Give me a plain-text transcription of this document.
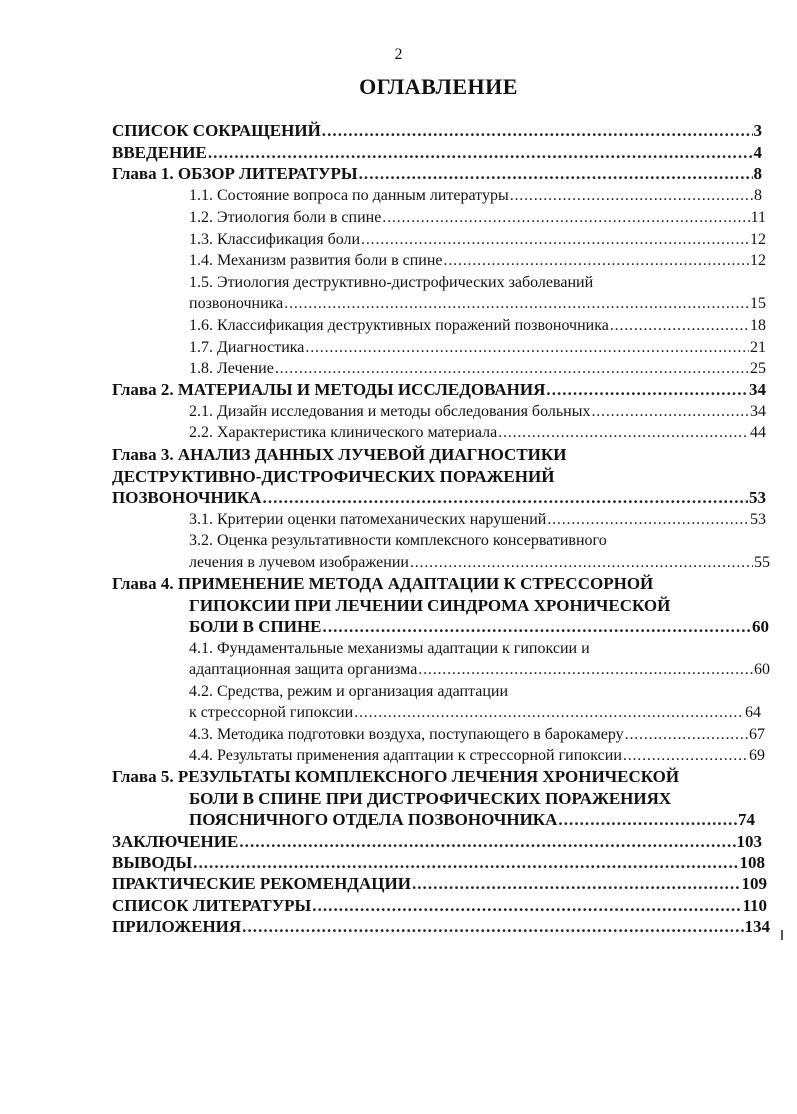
2
ОГЛАВЛЕНИЕ
СПИСОК СОКРАЩЕНИЙ . . .	3
ВВЕДЕНИЕ . . .	4
Глава 1. ОБЗОР ЛИТЕРАТУРЫ . . .	8
1.1. Состояние вопроса по данным литературы . . .	8
1.2. Этиология боли в спине . . .	11
1.3. Классификация боли . . .	12
1.4. Механизм развития боли в спине . . .	12
1.5. Этиология деструктивно-дистрофических заболеваний
позвоночника . . .	15
1.6. Классификация деструктивных поражений позвоночника . . .	18
1.7. Диагностика . . .	21
1.8. Лечение . . .	25
Глава 2. МАТЕРИАЛЫ И МЕТОДЫ ИССЛЕДОВАНИЯ . . .	34
2.1. Дизайн исследования и методы обследования больных . . .	34
2.2. Характеристика клинического материала . . .	44
Глава 3. АНАЛИЗ ДАННЫХ ЛУЧЕВОЙ ДИАГНОСТИКИ
ДЕСТРУКТИВНО-ДИСТРОФИЧЕСКИХ ПОРАЖЕНИЙ
ПОЗВОНОЧНИКА . . .	53
3.1. Критерии оценки патомеханических нарушений . . .	53
3.2. Оценка результативности комплексного консервативного
лечения в лучевом изображении . . .	55
Глава 4. ПРИМЕНЕНИЕ МЕТОДА АДАПТАЦИИ К СТРЕССОРНОЙ
ГИПОКСИИ ПРИ ЛЕЧЕНИИ СИНДРОМА ХРОНИЧЕСКОЙ
БОЛИ В СПИНЕ . . .	60
4.1. Фундаментальные механизмы адаптации к гипоксии и
адаптационная защита организма . . .	60
4.2. Средства, режим и организация адаптации
к стрессорной гипоксии . . .	64
4.3. Методика подготовки воздуха, поступающего в барокамеру . . .	67
4.4. Результаты применения адаптации к стрессорной гипоксии . . .	69
Глава 5. РЕЗУЛЬТАТЫ КОМПЛЕКСНОГО ЛЕЧЕНИЯ ХРОНИЧЕСКОЙ
БОЛИ В СПИНЕ ПРИ ДИСТРОФИЧЕСКИХ ПОРАЖЕНИЯХ
ПОЯСНИЧНОГО ОТДЕЛА ПОЗВОНОЧНИКА . . .	74
ЗАКЛЮЧЕНИЕ . . .	103
ВЫВОДЫ . . .	108
ПРАКТИЧЕСКИЕ РЕКОМЕНДАЦИИ . . .	109
СПИСОК ЛИТЕРАТУРЫ . . .	110
ПРИЛОЖЕНИЯ . . .	134
